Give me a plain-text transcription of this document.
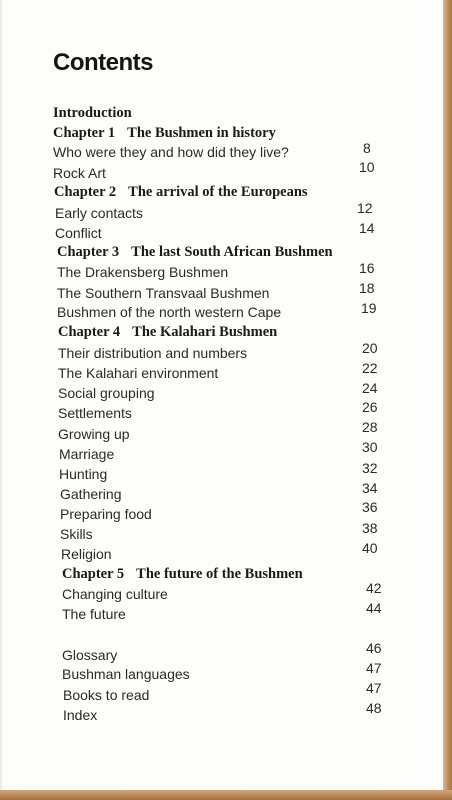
Contents
Introduction
Chapter 1 The Bushmen in history
Who were they and how did they live?	8
Rock Art	10
Chapter 2 The arrival of the Europeans
Early contacts	12
Conflict	14
Chapter 3 The last South African Bushmen
The Drakensberg Bushmen	16
The Southern Transvaal Bushmen	18
Bushmen of the north western Cape	19
Chapter 4 The Kalahari Bushmen
Their distribution and numbers	20
The Kalahari environment	22
Social grouping	24
Settlements	26
Growing up	28
Marriage	30
Hunting	32
Gathering	34
Preparing food	36
Skills	38
Religion	40
Chapter 5 The future of the Bushmen
Changing culture	42
The future	44
Glossary	46
Bushman languages	47
Books to read	47
Index	48
